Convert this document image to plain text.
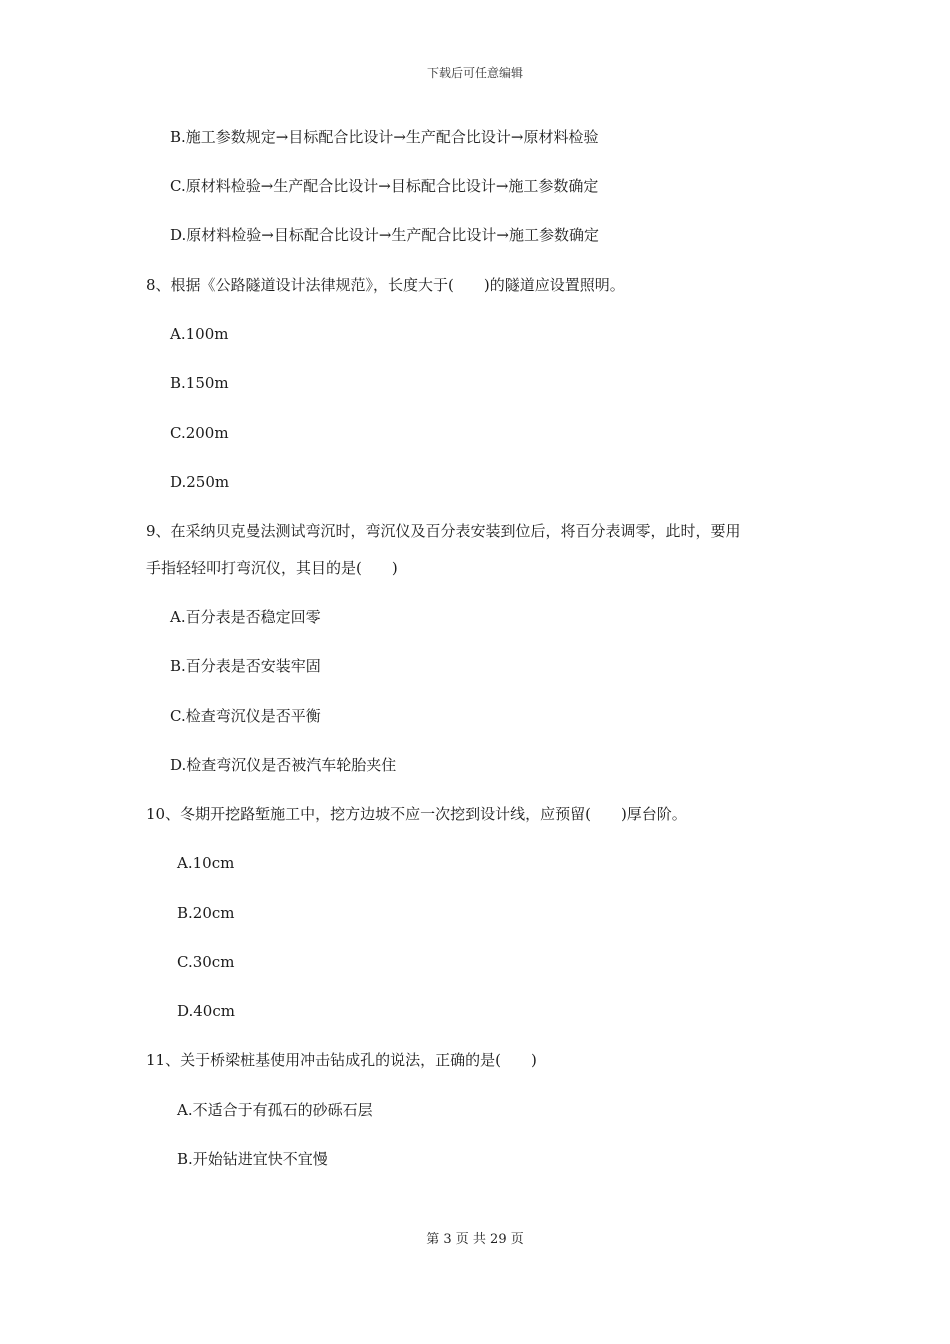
下载后可任意编辑
B.施工参数规定→目标配合比设计→生产配合比设计→原材料检验
C.原材料检验→生产配合比设计→目标配合比设计→施工参数确定
D.原材料检验→目标配合比设计→生产配合比设计→施工参数确定
8、根据《公路隧道设计法律规范》，长度大于(　　)的隧道应设置照明。
A.100m
B.150m
C.200m
D.250m
9、在采纳贝克曼法测试弯沉时，弯沉仪及百分表安装到位后，将百分表调零，此时，要用
手指轻轻叩打弯沉仪，其目的是(　　)
A.百分表是否稳定回零
B.百分表是否安装牢固
C.检查弯沉仪是否平衡
D.检查弯沉仪是否被汽车轮胎夹住
10、冬期开挖路堑施工中，挖方边坡不应一次挖到设计线，应预留(　　)厚台阶。
A.10cm
B.20cm
C.30cm
D.40cm
11、关于桥梁桩基使用冲击钻成孔的说法，正确的是(　　)
A.不适合于有孤石的砂砾石层
B.开始钻进宜快不宜慢
第 3 页 共 29 页
